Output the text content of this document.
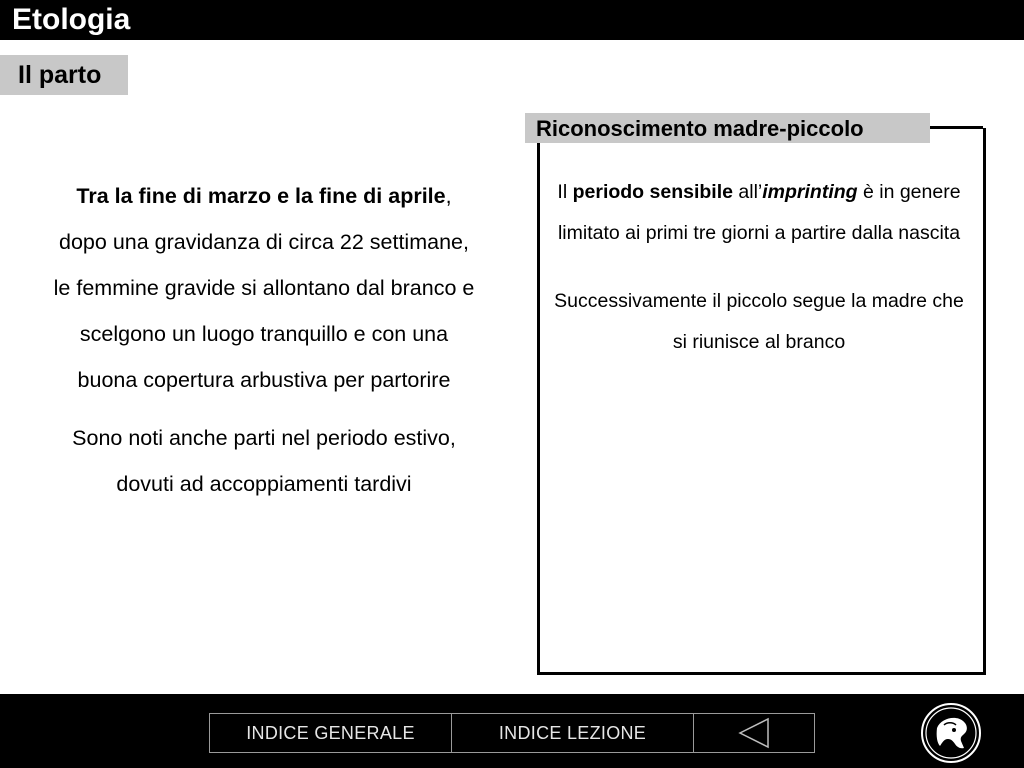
Etologia
Il parto

Tra la fine di marzo e la fine di aprile, dopo una gravidanza di circa 22 settimane, le femmine gravide si allontano dal branco e scelgono un luogo tranquillo e con una buona copertura arbustiva per partorire

Sono noti anche parti nel periodo estivo, dovuti ad accoppiamenti tardivi

Riconoscimento madre-piccolo

Il periodo sensibile all’imprinting è in genere limitato ai primi tre giorni a partire dalla nascita

Successivamente il piccolo segue la madre che si riunisce al branco

INDICE GENERALE	INDICE LEZIONE
